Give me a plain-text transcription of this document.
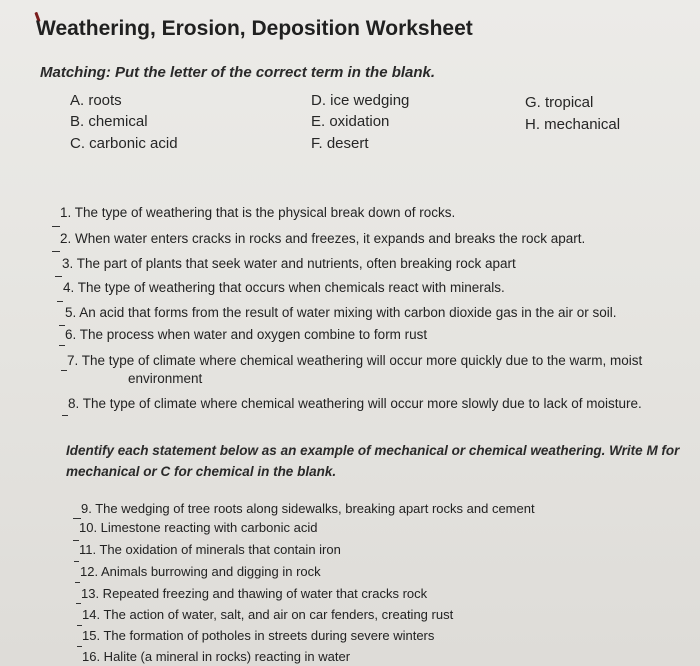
Weathering, Erosion, Deposition Worksheet
Matching: Put the letter of the correct term in the blank.
A. roots
B. chemical
C. carbonic acid
D. ice wedging
E. oxidation
F. desert
G. tropical
H. mechanical
1. The type of weathering that is the physical break down of rocks.
2. When water enters cracks in rocks and freezes, it expands and breaks the rock apart.
3. The part of plants that seek water and nutrients, often breaking rock apart
4. The type of weathering that occurs when chemicals react with minerals.
5. An acid that forms from the result of water mixing with carbon dioxide gas in the air or soil.
6. The process when water and oxygen combine to form rust
7. The type of climate where chemical weathering will occur more quickly due to the warm, moist
environment
8. The type of climate where chemical weathering will occur more slowly due to lack of moisture.
Identify each statement below as an example of mechanical or chemical weathering. Write M for
mechanical or C for chemical in the blank.
9. The wedging of tree roots along sidewalks, breaking apart rocks and cement
10. Limestone reacting with carbonic acid
11. The oxidation of minerals that contain iron
12. Animals burrowing and digging in rock
13. Repeated freezing and thawing of water that cracks rock
14. The action of water, salt, and air on car fenders, creating rust
15. The formation of potholes in streets during severe winters
16. Halite (a mineral in rocks) reacting in water
